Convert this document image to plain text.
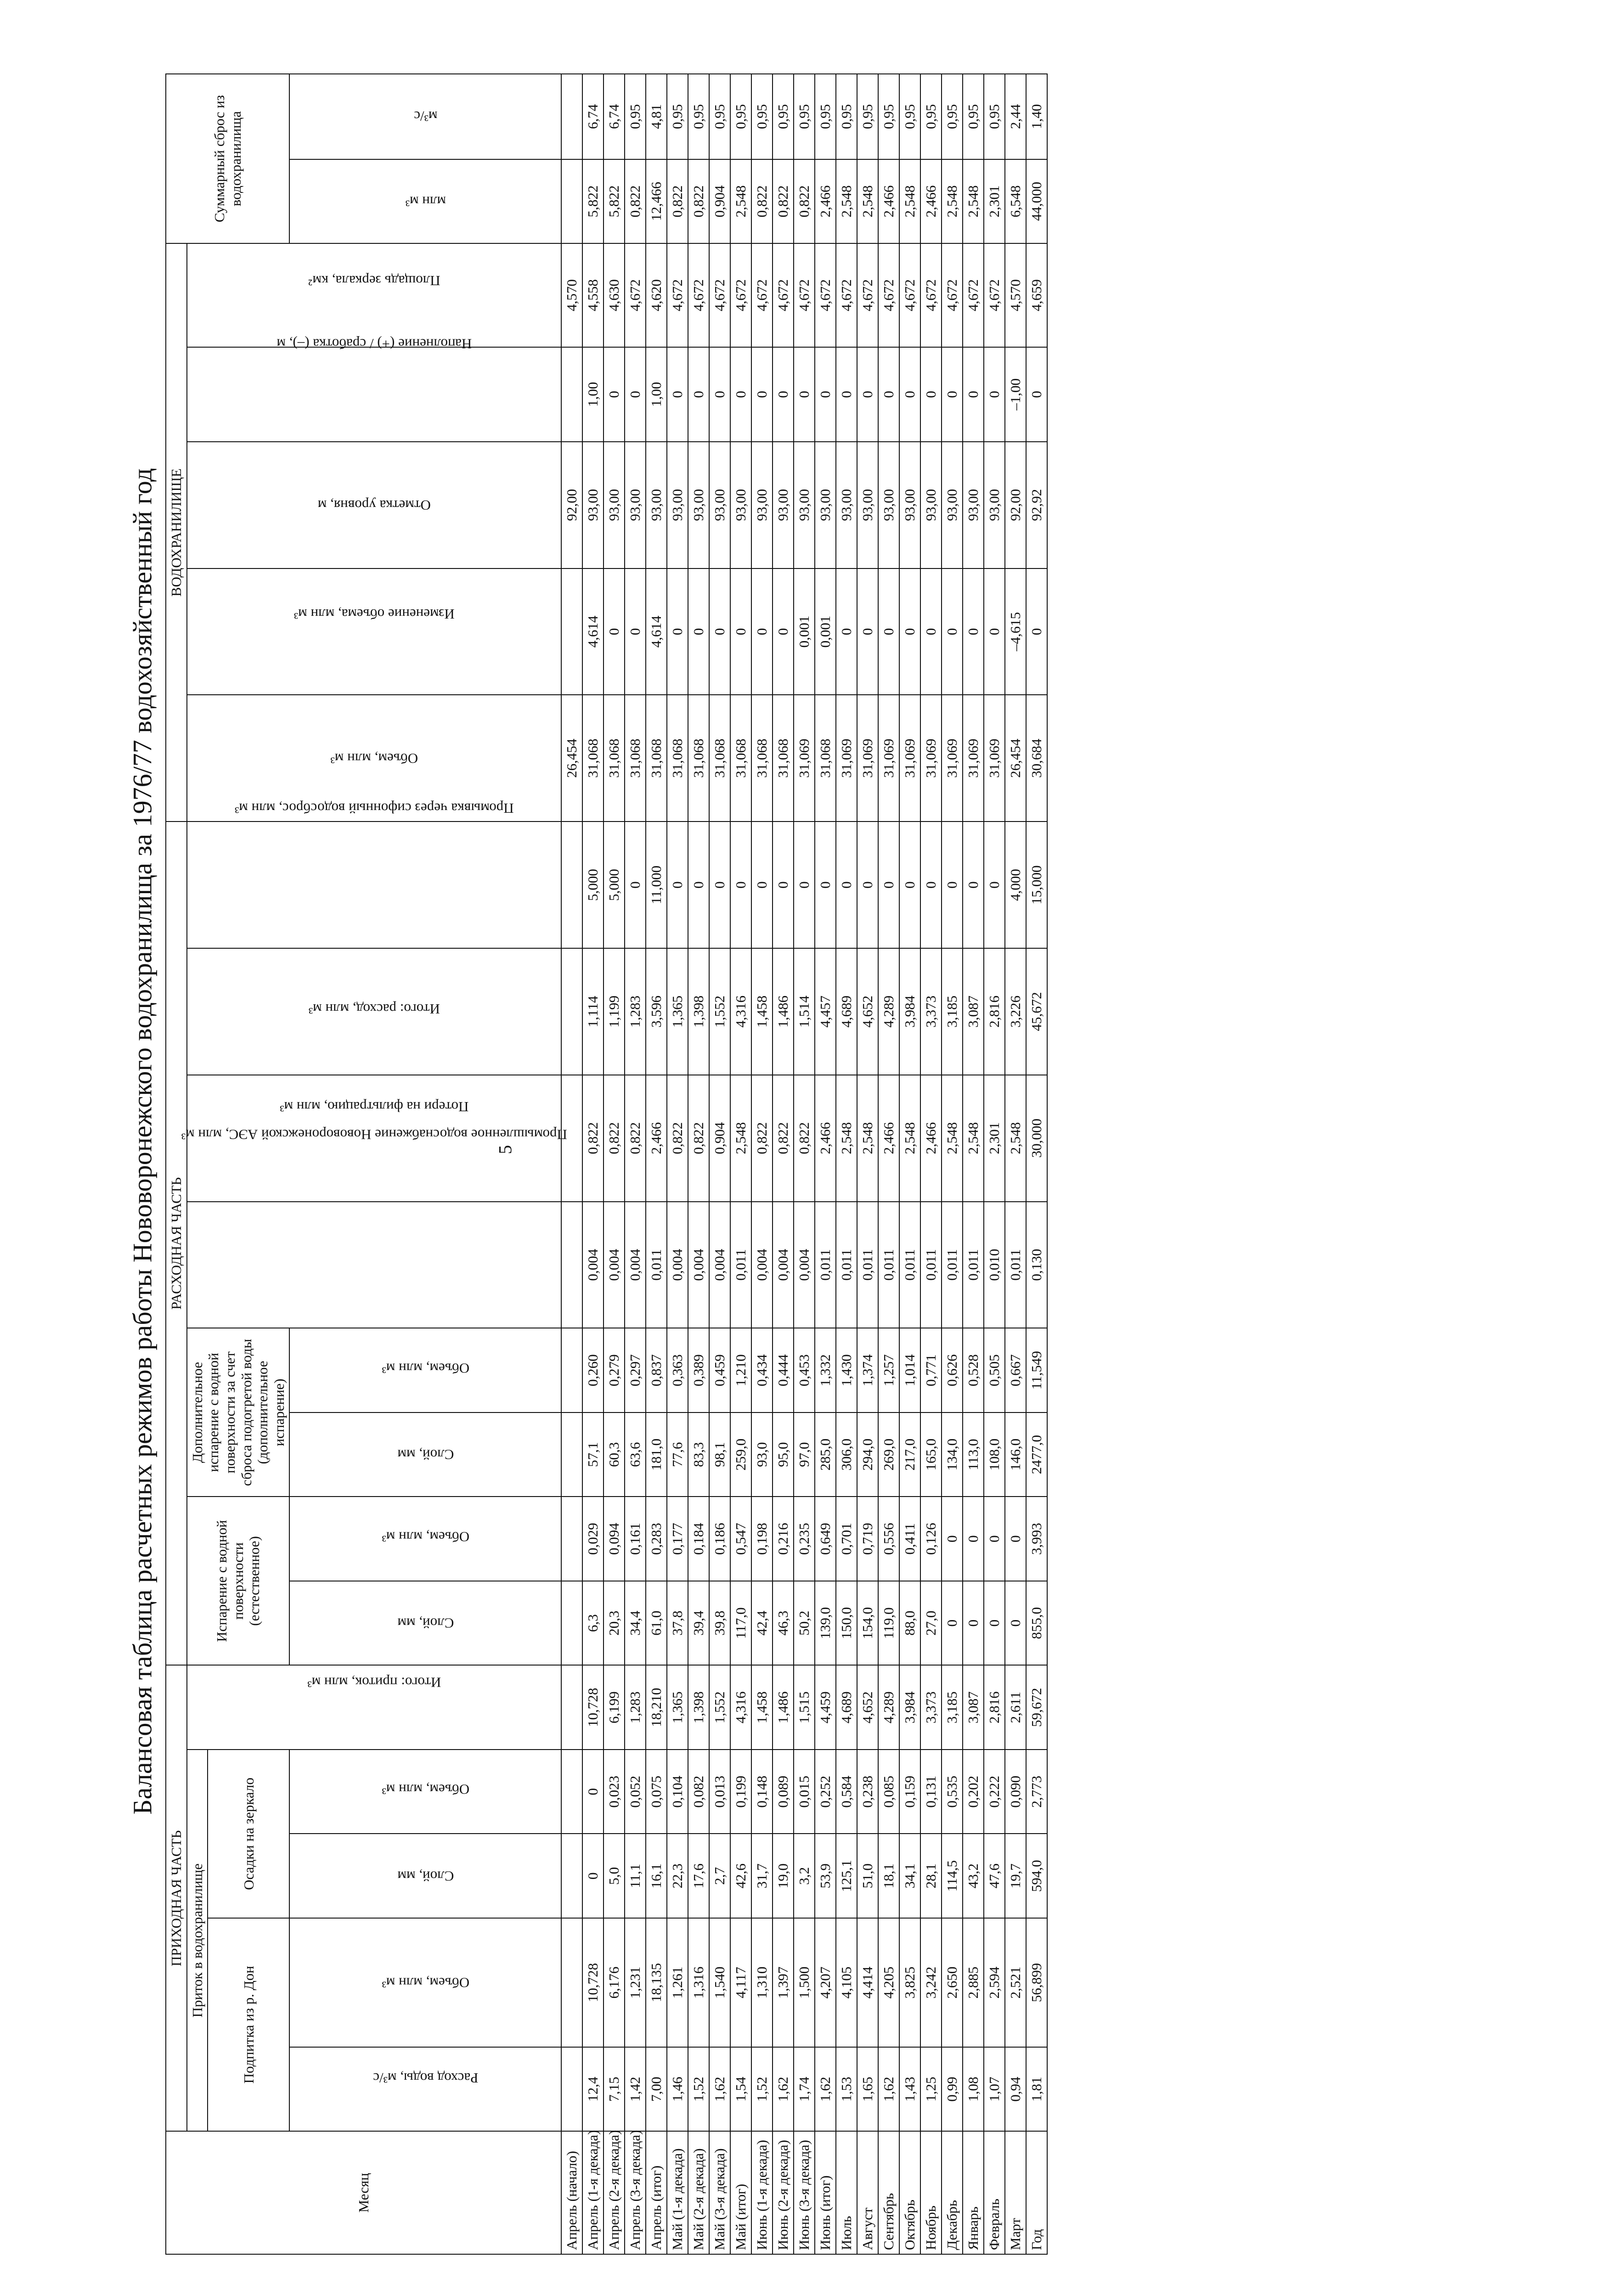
5
Балансовая таблица расчетных режимов работы Нововоронежского водохранилища за 1976/77 водохозяйственный год
Месяц	ПРИХОДНАЯ ЧАСТЬ					РАСХОДНАЯ ЧАСТЬ								ВОДОХРАНИЛИЩЕ					Суммарный сброс из водохранилища	
	Приток в водохранилище				Итого: приток, млн м³	Испарение с водной поверхности (естественное)		Дополнительное испарение с водной поверхности за счет сброса подогретой воды (дополнительное испарение)		Промышленное водоснабжение Нововоронежской АЭС, млн м³	Потери на фильтрацию, млн м³	Итого: расход, млн м³	Промывка через сифонный водосброс, млн м³	Объем, млн м³	Изменение объема, млн м³	Отметка уровня, м	Наполнение (+) / сработка (–), м	Площадь зеркала, км²		
	Подпитка из р. Дон		Осадки на зеркало																	

	Расход воды, м³/с	Объем, млн м³	Слой, мм	Объем, млн м³		Слой, мм	Объем, млн м³	Слой, мм	Объем, млн м³										млн м³	м³/с
Апрель (начало)														26,454		92,00		4,570		
Апрель (1-я декада)	12,4	10,728	0	0	10,728	6,3	0,029	57,1	0,260	0,004	0,822	1,114	5,000	31,068	4,614	93,00	1,00	4,558	5,822	6,74
Апрель (2-я декада)	7,15	6,176	5,0	0,023	6,199	20,3	0,094	60,3	0,279	0,004	0,822	1,199	5,000	31,068	0	93,00	0	4,630	5,822	6,74
Апрель (3-я декада)	1,42	1,231	11,1	0,052	1,283	34,4	0,161	63,6	0,297	0,004	0,822	1,283	0	31,068	0	93,00	0	4,672	0,822	0,95
Апрель (итог)	7,00	18,135	16,1	0,075	18,210	61,0	0,283	181,0	0,837	0,011	2,466	3,596	11,000	31,068	4,614	93,00	1,00	4,620	12,466	4,81
Май (1-я декада)	1,46	1,261	22,3	0,104	1,365	37,8	0,177	77,6	0,363	0,004	0,822	1,365	0	31,068	0	93,00	0	4,672	0,822	0,95
Май (2-я декада)	1,52	1,316	17,6	0,082	1,398	39,4	0,184	83,3	0,389	0,004	0,822	1,398	0	31,068	0	93,00	0	4,672	0,822	0,95
Май (3-я декада)	1,62	1,540	2,7	0,013	1,552	39,8	0,186	98,1	0,459	0,004	0,904	1,552	0	31,068	0	93,00	0	4,672	0,904	0,95
Май (итог)	1,54	4,117	42,6	0,199	4,316	117,0	0,547	259,0	1,210	0,011	2,548	4,316	0	31,068	0	93,00	0	4,672	2,548	0,95
Июнь (1-я декада)	1,52	1,310	31,7	0,148	1,458	42,4	0,198	93,0	0,434	0,004	0,822	1,458	0	31,068	0	93,00	0	4,672	0,822	0,95
Июнь (2-я декада)	1,62	1,397	19,0	0,089	1,486	46,3	0,216	95,0	0,444	0,004	0,822	1,486	0	31,068	0	93,00	0	4,672	0,822	0,95
Июнь (3-я декада)	1,74	1,500	3,2	0,015	1,515	50,2	0,235	97,0	0,453	0,004	0,822	1,514	0	31,069	0,001	93,00	0	4,672	0,822	0,95
Июнь (итог)	1,62	4,207	53,9	0,252	4,459	139,0	0,649	285,0	1,332	0,011	2,466	4,457	0	31,068	0,001	93,00	0	4,672	2,466	0,95
Июль	1,53	4,105	125,1	0,584	4,689	150,0	0,701	306,0	1,430	0,011	2,548	4,689	0	31,069	0	93,00	0	4,672	2,548	0,95
Август	1,65	4,414	51,0	0,238	4,652	154,0	0,719	294,0	1,374	0,011	2,548	4,652	0	31,069	0	93,00	0	4,672	2,548	0,95
Сентябрь	1,62	4,205	18,1	0,085	4,289	119,0	0,556	269,0	1,257	0,011	2,466	4,289	0	31,069	0	93,00	0	4,672	2,466	0,95
Октябрь	1,43	3,825	34,1	0,159	3,984	88,0	0,411	217,0	1,014	0,011	2,548	3,984	0	31,069	0	93,00	0	4,672	2,548	0,95
Ноябрь	1,25	3,242	28,1	0,131	3,373	27,0	0,126	165,0	0,771	0,011	2,466	3,373	0	31,069	0	93,00	0	4,672	2,466	0,95
Декабрь	0,99	2,650	114,5	0,535	3,185	0	0	134,0	0,626	0,011	2,548	3,185	0	31,069	0	93,00	0	4,672	2,548	0,95
Январь	1,08	2,885	43,2	0,202	3,087	0	0	113,0	0,528	0,011	2,548	3,087	0	31,069	0	93,00	0	4,672	2,548	0,95
Февраль	1,07	2,594	47,6	0,222	2,816	0	0	108,0	0,505	0,010	2,301	2,816	0	31,069	0	93,00	0	4,672	2,301	0,95
Март	0,94	2,521	19,7	0,090	2,611	0	0	146,0	0,667	0,011	2,548	3,226	4,000	26,454	–4,615	92,00	–1,00	4,570	6,548	2,44
Год	1,81	56,899	594,0	2,773	59,672	855,0	3,993	2477,0	11,549	0,130	30,000	45,672	15,000	30,684	0	92,92	0	4,659	44,000	1,40
